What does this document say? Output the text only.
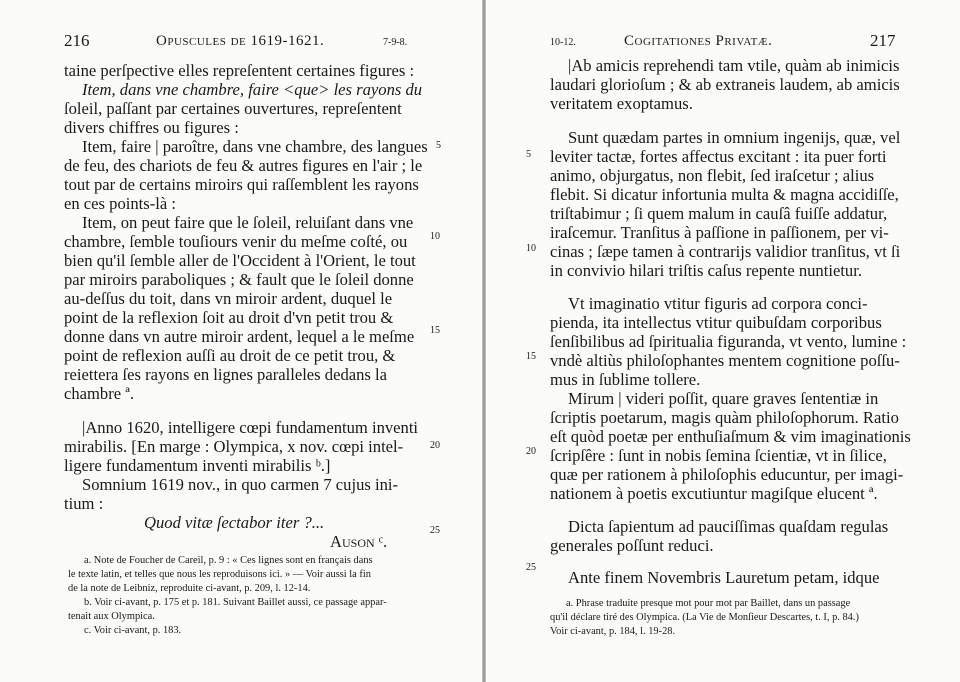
216	Opuscules de 1619-1621.	7-9-8.
taine perſpective elles repreſentent certaines figures :
Item, dans vne chambre, faire <que> les rayons du
ſoleil, paſſant par certaines ouvertures, repreſentent
divers chiffres ou figures :
Item, faire | paroître, dans vne chambre, des langues
de feu, des chariots de feu & autres figures en l'air ; le
tout par de certains miroirs qui raſſemblent les rayons
en ces points-là :
Item, on peut faire que le ſoleil, reluiſant dans vne
chambre, ſemble touſiours venir du meſme coſté, ou
bien qu'il ſemble aller de l'Occident à l'Orient, le tout
par miroirs paraboliques ; & fault que le ſoleil donne
au-deſſus du toit, dans vn miroir ardent, duquel le
point de la reflexion ſoit au droit d'vn petit trou &
donne dans vn autre miroir ardent, lequel a le meſme
point de reflexion auſſi au droit de ce petit trou, &
reiettera ſes rayons en lignes paralleles dedans la
chambre ª.
|Anno 1620, intelligere cœpi fundamentum inventi
mirabilis. [En marge : Olympica, x nov. cœpi intel-
ligere fundamentum inventi mirabilis ᵇ.]
Somnium 1619 nov., in quo carmen 7 cujus ini-
tium :
Quod vitæ ſectabor iter ?...
Auson ᶜ.
5
10
15
20
25
a. Note de Foucher de Careil, p. 9 : « Ces lignes sont en français dans
le texte latin, et telles que nous les reproduisons ici. » — Voir aussi la fin
de la note de Leibniz, reproduite ci-avant, p. 209, l. 12-14.
b. Voir ci-avant, p. 175 et p. 181. Suivant Baillet aussi, ce passage appar-
tenait aux Olympica.
c. Voir ci-avant, p. 183.
10-12.	Cogitationes Privatæ.	217
|Ab amicis reprehendi tam vtile, quàm ab inimicis
laudari glorioſum ; & ab extraneis laudem, ab amicis
veritatem exoptamus.
Sunt quædam partes in omnium ingenijs, quæ, vel
leviter tactæ, fortes affectus excitant : ita puer forti
animo, objurgatus, non flebit, ſed iraſcetur ; alius
flebit. Si dicatur infortunia multa & magna accidiſſe,
triſtabimur ; ſi quem malum in cauſâ fuiſſe addatur,
iraſcemur. Tranſitus à paſſione in paſſionem, per vi-
cinas ; ſæpe tamen à contrarijs validior tranſitus, vt ſi
in convivio hilari triſtis caſus repente nuntietur.
Vt imaginatio vtitur figuris ad corpora conci-
pienda, ita intellectus vtitur quibuſdam corporibus
ſenſibilibus ad ſpiritualia figuranda, vt vento, lumine :
vndè altiùs philoſophantes mentem cognitione poſſu-
mus in ſublime tollere.
Mirum | videri poſſit, quare graves ſententiæ in
ſcriptis poetarum, magis quàm philoſophorum. Ratio
eſt quòd poetæ per enthuſiaſmum & vim imaginationis
ſcripſêre : ſunt in nobis ſemina ſcientiæ, vt in ſilice,
quæ per rationem à philoſophis educuntur, per imagi-
nationem à poetis excutiuntur magiſque elucent ª.
Dicta ſapientum ad pauciſſimas quaſdam regulas
generales poſſunt reduci.
Ante finem Novembris Lauretum petam, idque
5
10
15
20
25
a. Phrase traduite presque mot pour mot par Baillet, dans un passage
qu'il déclare tiré des Olympica. (La Vie de Monſieur Descartes, t. I, p. 84.)
Voir ci-avant, p. 184, l. 19-28.
